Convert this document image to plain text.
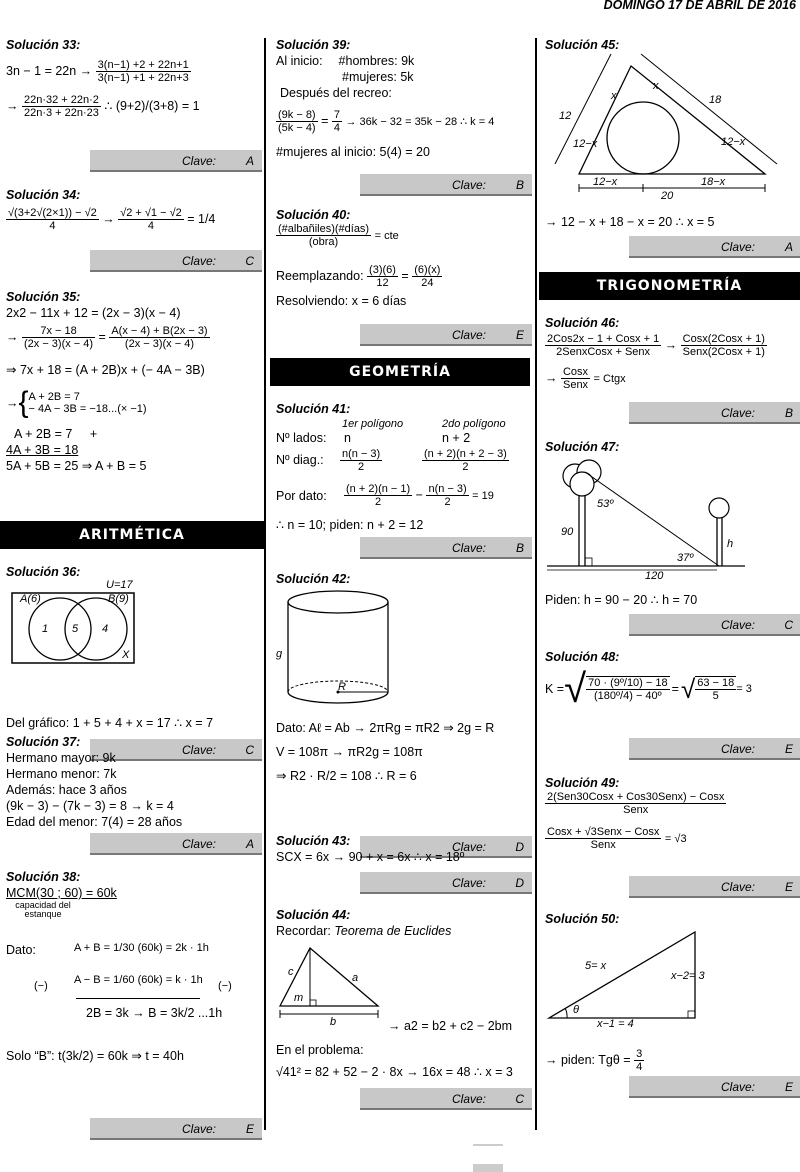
DOMINGO 17 DE ABRIL DE 2016
Solución 33:
$3n - 1 = 22n \to \frac{3(n-1) +2 + 22n+1}{3(n-1) +1 + 22n+3}$
→ $\frac{22n\cdot 32 + 22n\cdot 2}{22n\cdot 3 + 22n\cdot 23}$ ∴ (9+2)/(3+8) = 1
Clave: A
Solución 34:
$\frac{√(3+2√(2\times 1)) - √2}{4} \to \frac{√2 + √1 - √2}{4} = 1/4$
Clave: C
Solución 35:
2x2 − 11x + 12 = (2x − 3)(x − 4)
→ $\frac{7x - 18}{(2x - 3)(x - 4)} = \frac{A(x - 4) + B(2x - 3)}{(2x - 3)(x - 4)}$
⇒ 7x + 18 = (A + 2B)x + (− 4A − 3B)
→ { A + 2B = 7
− 4A − 3B = −18...(× −1)
A + 2B = 7 +
4A + 3B = 18
5A + 5B = 25 ⇒ A + B = 5
ARITMÉTICA
Solución 36:
U=17
A(6)	B(9)
1 5 4
X
Del gráfico: 1 + 5 + 4 + x = 17 ∴ x = 7
Clave: C
Solución 37:
Hermano mayor: 9k
Hermano menor: 7k
Además: hace 3 años
(9k − 3) − (7k − 3) = 8 → k = 4
Edad del menor: 7(4) = 28 años
Clave: A
Solución 38:
MCM(30 ; 60) = 60k
capacidad del estanque
Dato:	A + B = 1/30 (60k) = 2k · 1h
A − B = 1/60 (60k) = k · 1h
(−)	(−)
2B = 3k → B = 3k/2 ...1h
Solo “B”: t(3k/2) = 60k ⇒ t = 40h
Clave: E
Solución 39:
Al inicio: #hombres: 9k
#mujeres: 5k
Después del recreo:
$\frac{(9k - 8)}{(5k - 4)} = \frac{7}{4} \to 36k - 32 = 35k - 28$ ∴ k = 4
#mujeres al inicio: 5(4) = 20
Clave: B
Solución 40:
$\frac{\text{(\#albañiles)(\#días)}}{\text{(obra)}}$ = cte
Reemplazando: $\frac{(3)(6)}{12} = \frac{(6)(x)}{24}$
Resolviendo: x = 6 días
Clave: E
GEOMETRÍA
Solución 41:
1er polígono	2do polígono
Nº lados: n	n + 2
Nº diag.: $\frac{n(n - 3)}{2}$	$\frac{(n + 2)(n + 2 - 3)}{2}$
Por dato: $\frac{(n + 2)(n - 1)}{2} - \frac{n(n - 3)}{2} = 19$
∴ n = 10; piden: n + 2 = 12
Clave: B
Solución 42:
g
R
Dato: Aℓ = Ab → 2πRg = πR2 ⇒ 2g = R
V = 108π → πR2g = 108π
⇒ R2 · R/2 = 108 ∴ R = 6
Clave: D
Solución 43:
SCX = 6x → 90 + x = 6x ∴ x = 18º
Clave: D
Solución 44:
Recordar: Teorema de Euclides
c	a
m
b	→ a2 = b2 + c2 − 2bm
En el problema:
√41² = 82 + 52 − 2 · 8x → 16x = 48 ∴ x = 3
Clave: C
Solución 45:
x
x
18
12
12−x	12−x
12−x	18−x
20
→ 12 − x + 18 − x = 20 ∴ x = 5
Clave: A
TRIGONOMETRÍA
Solución 46:
$\frac{\text{2Cos2x − 1 + Cosx + 1}}{\text{2SenxCosx + Senx}} \to \frac{\text{Cosx(2Cosx + 1)}}{\text{Senx(2Cosx + 1)}}$
→ $\frac{\text{Cosx}}{\text{Senx}}$ = Ctgx
Clave: B
Solución 47:
53º
37º
90
h
120
Piden: h = 90 − 20 ∴ h = 70
Clave: C
Solución 48:
K = √ $\frac{\text{70 · (9º/10) − 18}}{\text{(180º/4) − 40º}}$ = √ $\frac{63 - 18}{5} = 3$
Clave: E
Solución 49:
$\frac{\text{2(Sen30Cosx + Cos30Senx) − Cosx}}{\text{Senx}}$
$\frac{\text{Cosx + √3Senx − Cosx}}{\text{Senx}} = √3$
Clave: E
Solución 50:
5= x
x−2= 3
x−1 = 4
θ
→ piden: $Tg\theta = \frac{3}{4}$
Clave: E
